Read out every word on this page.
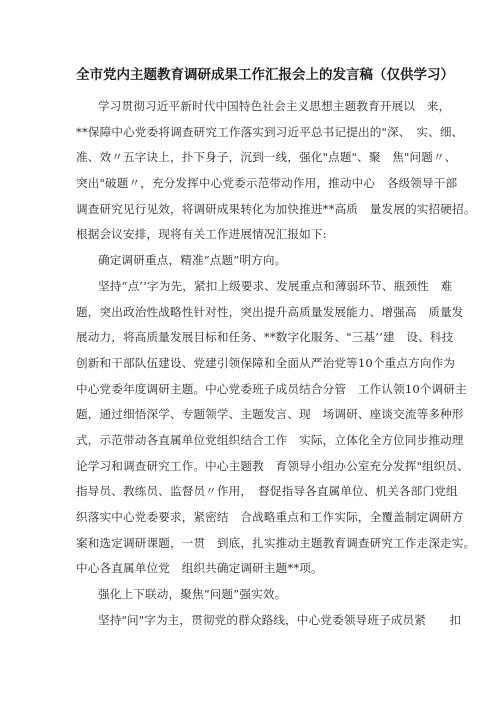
全市党内主题教育调研成果工作汇报会上的发言稿（仅供学习）
学习贯彻习近平新时代中国特色社会主义思想主题教育开展以　来，
**保障中心党委将调查研究工作落实到习近平总书记提出的"深、　实、细、
准、效〃五字诀上，扑下身子，沉到一线，强化"点题"、聚　焦"问题〃、
突出"破题〃，充分发挥中心党委示范带动作用，推动中心　各级领导干部
调查研究见行见效，将调研成果转化为加快推进**高质　量发展的实招硬招。
根据会议安排，现将有关工作进展情况汇报如下:
确定调研重点，精准“点题”明方向。
坚持“点’’字为先，紧扣上级要求、发展重点和薄弱环节、瓶颈性　难
题，突出政治性战略性针对性，突出提升高质量发展能力、增强高　质量发
展动力，将高质量发展目标和任务、**数字化服务、"三基’’建　设、科技
创新和干部队伍建设、党建引领保障和全面从严治党等10个重点方向作为
中心党委年度调研主题。中心党委班子成员结合分管　工作认领10个调研主
题，通过细悟深学、专题领学、主题发言、现　场调研、座谈交流等多种形
式，示范带动各直属单位党组织结合工作　实际，立体化全方位同步推动理
论学习和调查研究工作。中心主题教　育领导小组办公室充分发挥"组织员、
指导员、教练员、监督员〃作用，　督促指导各直属单位、机关各部门党组
织落实中心党委要求，紧密结　合战略重点和工作实际，全覆盖制定调研方
案和选定调研课题，一贯　到底，扎实推动主题教育调查研究工作走深走实。
中心各直属单位党　组织共确定调研主题**项。
强化上下联动，聚焦“问题”强实效。
坚持"问"字为主，贯彻党的群众路线，中心党委领导班子成员紧　　扣
